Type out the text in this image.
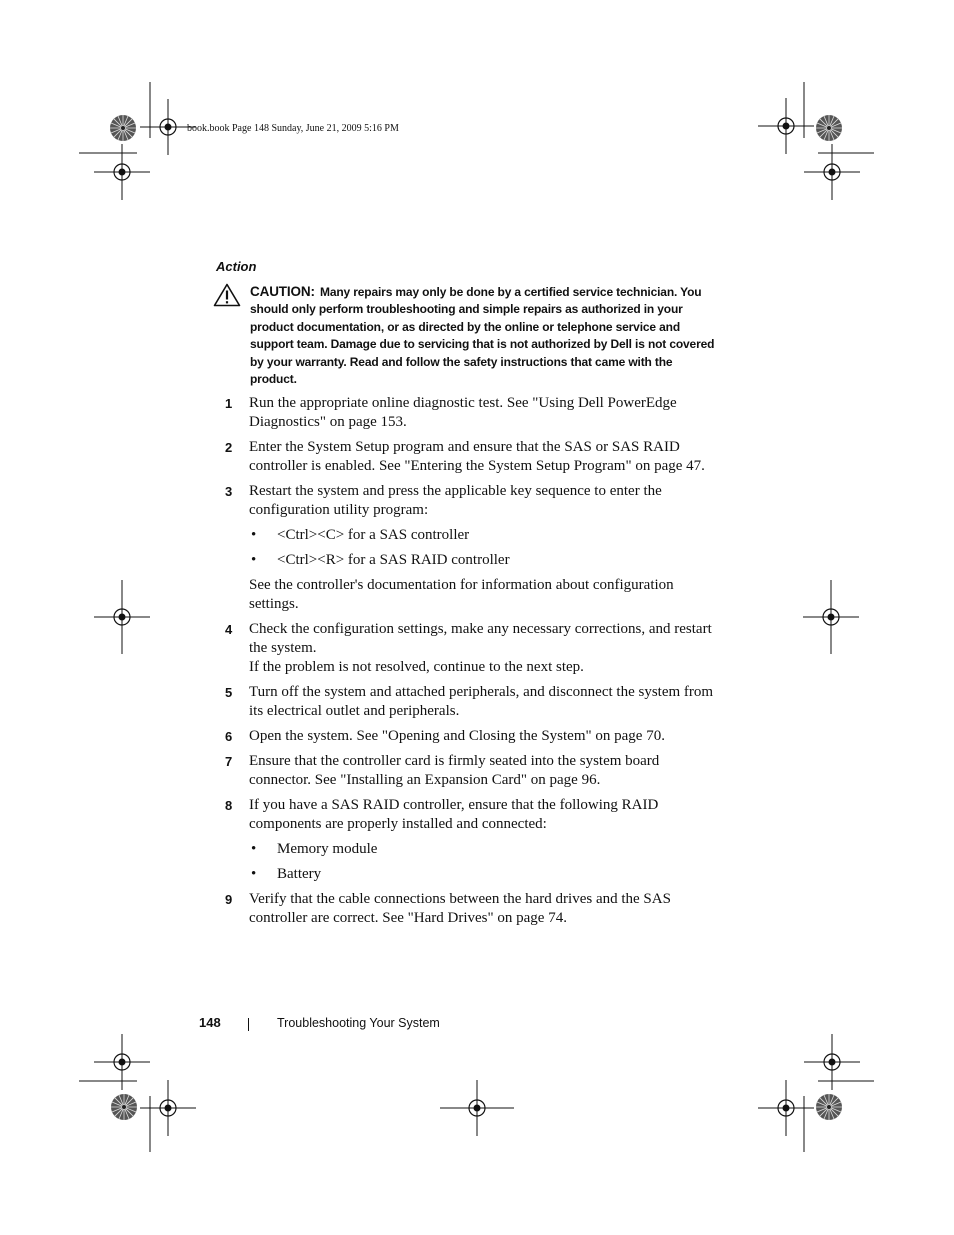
book.book Page 148 Sunday, June 21, 2009 5:16 PM
Action
CAUTION: Many repairs may only be done by a certified service technician. You should only perform troubleshooting and simple repairs as authorized in your product documentation, or as directed by the online or telephone service and support team. Damage due to servicing that is not authorized by Dell is not covered by your warranty. Read and follow the safety instructions that came with the product.
1 Run the appropriate online diagnostic test. See "Using Dell PowerEdge Diagnostics" on page 153.

2 Enter the System Setup program and ensure that the SAS or SAS RAID controller is enabled. See "Entering the System Setup Program" on page 47.

3 Restart the system and press the applicable key sequence to enter the configuration utility program:

• <Ctrl><C> for a SAS controller
• <Ctrl><R> for a SAS RAID controller

See the controller's documentation for information about configuration settings.

4 Check the configuration settings, make any necessary corrections, and restart the system.

If the problem is not resolved, continue to the next step.

5 Turn off the system and attached peripherals, and disconnect the system from its electrical outlet and peripherals.

6 Open the system. See "Opening and Closing the System" on page 70.

7 Ensure that the controller card is firmly seated into the system board connector. See "Installing an Expansion Card" on page 96.

8 If you have a SAS RAID controller, ensure that the following RAID components are properly installed and connected:

• Memory module
• Battery
9 Verify that the cable connections between the hard drives and the SAS controller are correct. See "Hard Drives" on page 74.

148	Troubleshooting Your System
